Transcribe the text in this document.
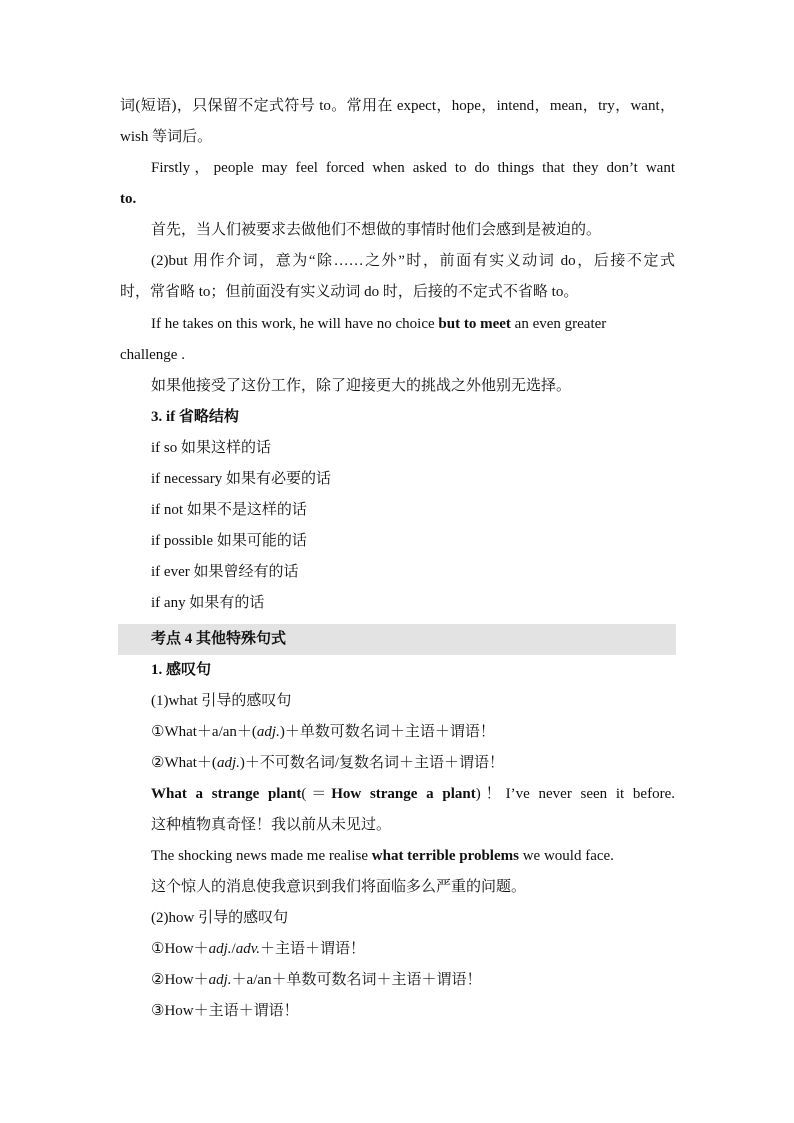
词(短语)，只保留不定式符号 to。常用在 expect，hope，intend，mean，try，want，
wish 等词后。
Firstly，people may feel forced when asked to do things that they don’t want
to.
首先，当人们被要求去做他们不想做的事情时他们会感到是被迫的。
(2)but 用作介词，意为“除……之外”时，前面有实义动词 do，后接不定式
时，常省略 to；但前面没有实义动词 do 时，后接的不定式不省略 to。
If he takes on this work, he will have no choice but to meet an even greater
challenge .
如果他接受了这份工作，除了迎接更大的挑战之外他别无选择。
3. if 省略结构
if so 如果这样的话
if necessary 如果有必要的话
if not 如果不是这样的话
if possible 如果可能的话
if ever 如果曾经有的话
if any 如果有的话
考点 4 其他特殊句式
1. 感叹句
(1)what 引导的感叹句
①What＋a/an＋(adj.)＋单数可数名词＋主语＋谓语！
②What＋(adj.)＋不可数名词/复数名词＋主语＋谓语！
What a strange plant(＝How strange a plant)！I’ve never seen it before.
这种植物真奇怪！我以前从未见过。
The shocking news made me realise what terrible problems we would face.
这个惊人的消息使我意识到我们将面临多么严重的问题。
(2)how 引导的感叹句
①How＋adj./adv.＋主语＋谓语！
②How＋adj.＋a/an＋单数可数名词＋主语＋谓语！
③How＋主语＋谓语！
